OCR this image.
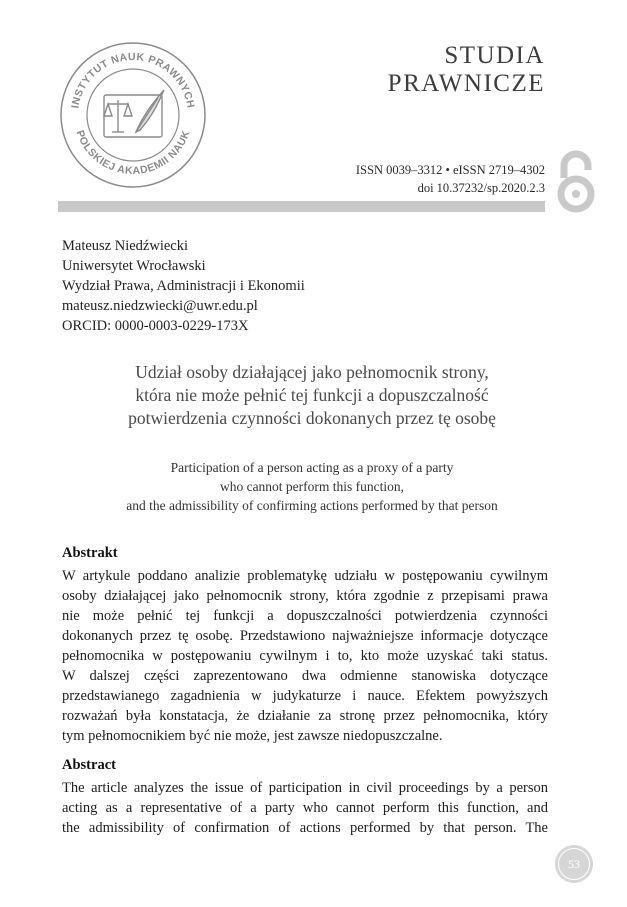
INSTYTUT NAUK PRAWNYCH
POLSKIEJ AKADEMII NAUK
STUDIA
PRAWNICZE
ISSN 0039–3312 • eISSN 2719–4302
doi 10.37232/sp.2020.2.3
Mateusz Niedźwiecki
Uniwersytet Wrocławski
Wydział Prawa, Administracji i Ekonomii
mateusz.niedzwiecki@uwr.edu.pl
ORCID: 0000-0003-0229-173X
Udział osoby działającej jako pełnomocnik strony,
która nie może pełnić tej funkcji a dopuszczalność
potwierdzenia czynności dokonanych przez tę osobę
Participation of a person acting as a proxy of a party
who cannot perform this function,
and the admissibility of confirming actions performed by that person
Abstrakt
W artykule poddano analizie problematykę udziału w postępowaniu cywilnym
osoby działającej jako pełnomocnik strony, która zgodnie z przepisami prawa
nie może pełnić tej funkcji a dopuszczalności potwierdzenia czynności
dokonanych przez tę osobę. Przedstawiono najważniejsze informacje dotyczące
pełnomocnika w postępowaniu cywilnym i to, kto może uzyskać taki status.
W dalszej części zaprezentowano dwa odmienne stanowiska dotyczące
przedstawianego zagadnienia w judykaturze i nauce. Efektem powyższych
rozważań była konstatacja, że działanie za stronę przez pełnomocnika, który
tym pełnomocnikiem być nie może, jest zawsze niedopuszczalne.
Abstract
The article analyzes the issue of participation in civil proceedings by a person
acting as a representative of a party who cannot perform this function, and
the admissibility of confirmation of actions performed by that person. The
53
